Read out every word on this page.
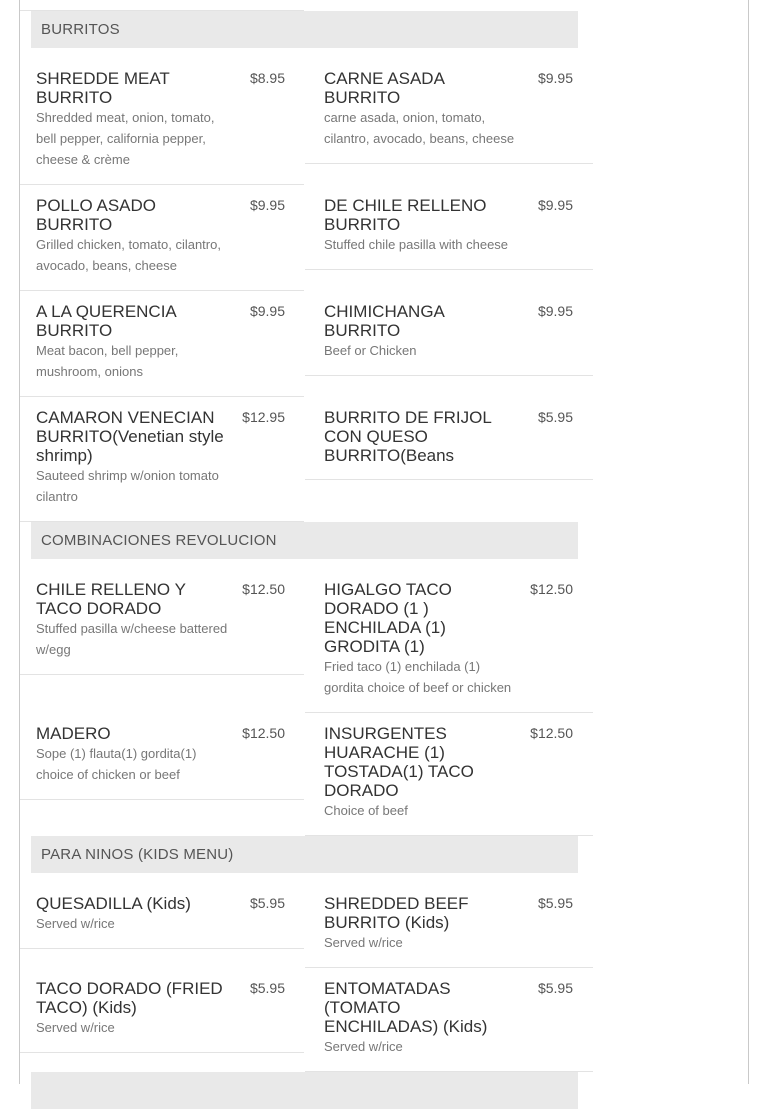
BURRITOS
SHREDDE MEAT BURRITO
$8.95
Shredded meat, onion, tomato, bell pepper, california pepper, cheese & crème
CARNE ASADA BURRITO
$9.95
carne asada, onion, tomato, cilantro, avocado, beans, cheese
POLLO ASADO BURRITO
$9.95
Grilled chicken, tomato, cilantro, avocado, beans, cheese
DE CHILE RELLENO BURRITO
$9.95
Stuffed chile pasilla with cheese
A LA QUERENCIA BURRITO
$9.95
Meat bacon, bell pepper, mushroom, onions
CHIMICHANGA BURRITO
$9.95
Beef or Chicken
CAMARON VENECIAN BURRITO(Venetian style shrimp)
$12.95
Sauteed shrimp w/onion tomato cilantro
BURRITO DE FRIJOL CON QUESO BURRITO(Beans
$5.95
COMBINACIONES REVOLUCION
CHILE RELLENO Y TACO DORADO
$12.50
Stuffed pasilla w/cheese battered w/egg
HIGALGO TACO DORADO (1 ) ENCHILADA (1) GRODITA (1)
$12.50
Fried taco (1) enchilada (1) gordita choice of beef or chicken
MADERO	$12.50
Sope (1) flauta(1) gordita(1) choice of chicken or beef
INSURGENTES HUARACHE (1) TOSTADA(1) TACO DORADO
$12.50
Choice of beef
PARA NINOS (KIDS MENU)
QUESADILLA (Kids)	$5.95
Served w/rice
SHREDDED BEEF BURRITO (Kids)
$5.95
Served w/rice
TACO DORADO (FRIED TACO) (Kids)
$5.95
Served w/rice
ENTOMATADAS (TOMATO ENCHILADAS) (Kids)
$5.95
Served w/rice
